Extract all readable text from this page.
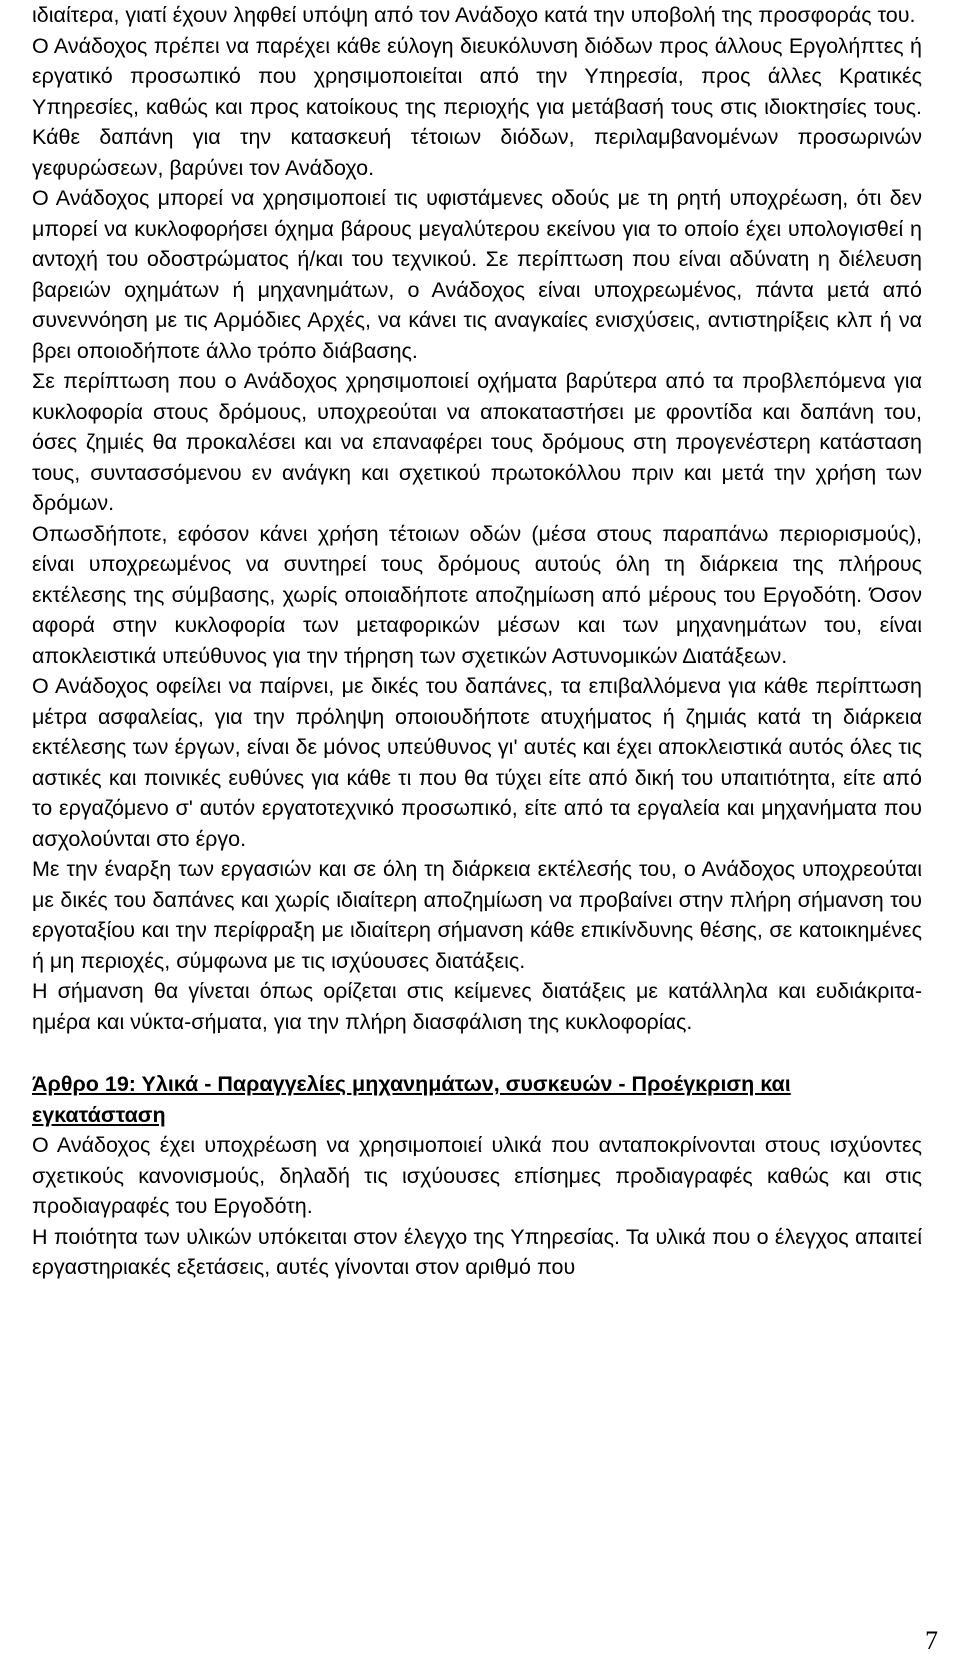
ιδιαίτερα, γιατί έχουν ληφθεί υπόψη από τον Ανάδοχο κατά την υποβολή της προσφοράς του.

Ο Ανάδοχος πρέπει να παρέχει κάθε εύλογη διευκόλυνση διόδων προς άλλους Εργολήπτες ή εργατικό προσωπικό που χρησιμοποιείται από την Υπηρεσία, προς άλλες Κρατικές Υπηρεσίες, καθώς και προς κατοίκους της περιοχής για μετάβασή τους στις ιδιοκτησίες τους. Κάθε δαπάνη για την κατασκευή τέτοιων διόδων, περιλαμβανομένων προσωρινών γεφυρώσεων, βαρύνει τον Ανάδοχο.

Ο Ανάδοχος μπορεί να χρησιμοποιεί τις υφιστάμενες οδούς με τη ρητή υποχρέωση, ότι δεν μπορεί να κυκλοφορήσει όχημα βάρους μεγαλύτερου εκείνου για το οποίο έχει υπολογισθεί η αντοχή του οδοστρώματος ή/και του τεχνικού. Σε περίπτωση που είναι αδύνατη η διέλευση βαρειών οχημάτων ή μηχανημάτων, ο Ανάδοχος είναι υποχρεωμένος, πάντα μετά από συνεννόηση με τις Αρμόδιες Αρχές, να κάνει τις αναγκαίες ενισχύσεις, αντιστηρίξεις κλπ ή να βρει οποιοδήποτε άλλο τρόπο διάβασης.

Σε περίπτωση που ο Ανάδοχος χρησιμοποιεί οχήματα βαρύτερα από τα προβλεπόμενα για κυκλοφορία στους δρόμους, υποχρεούται να αποκαταστήσει με φροντίδα και δαπάνη του, όσες ζημιές θα προκαλέσει και να επαναφέρει τους δρόμους στη προγενέστερη κατάσταση τους, συντασσόμενου εν ανάγκη και σχετικού πρωτοκόλλου πριν και μετά την χρήση των δρόμων.

Οπωσδήποτε, εφόσον κάνει χρήση τέτοιων οδών (μέσα στους παραπάνω περιορισμούς), είναι υποχρεωμένος να συντηρεί τους δρόμους αυτούς όλη τη διάρκεια της πλήρους εκτέλεσης της σύμβασης, χωρίς οποιαδήποτε αποζημίωση από μέρους του Εργοδότη. Όσον αφορά στην κυκλοφορία των μεταφορικών μέσων και των μηχανημάτων του, είναι αποκλειστικά υπεύθυνος για την τήρηση των σχετικών Αστυνομικών Διατάξεων.

Ο Ανάδοχος οφείλει να παίρνει, με δικές του δαπάνες, τα επιβαλλόμενα για κάθε περίπτωση μέτρα ασφαλείας, για την πρόληψη οποιουδήποτε ατυχήματος ή ζημιάς κατά τη διάρκεια εκτέλεσης των έργων, είναι δε μόνος υπεύθυνος γι' αυτές και έχει αποκλειστικά αυτός όλες τις αστικές και ποινικές ευθύνες για κάθε τι που θα τύχει είτε από δική του υπαιτιότητα, είτε από το εργαζόμενο σ' αυτόν εργατοτεχνικό προσωπικό, είτε από τα εργαλεία και μηχανήματα που ασχολούνται στο έργο.

Με την έναρξη των εργασιών και σε όλη τη διάρκεια εκτέλεσής του, ο Ανάδοχος υποχρεούται με δικές του δαπάνες και χωρίς ιδιαίτερη αποζημίωση να προβαίνει στην πλήρη σήμανση του εργοταξίου και την περίφραξη με ιδιαίτερη σήμανση κάθε επικίνδυνης θέσης, σε κατοικημένες ή μη περιοχές, σύμφωνα με τις ισχύουσες διατάξεις.

Η σήμανση θα γίνεται όπως ορίζεται στις κείμενες διατάξεις με κατάλληλα και ευδιάκριτα-ημέρα και νύκτα-σήματα, για την πλήρη διασφάλιση της κυκλοφορίας.

Άρθρο 19: Υλικά - Παραγγελίες μηχανημάτων, συσκευών - Προέγκριση και εγκατάσταση

Ο Ανάδοχος έχει υποχρέωση να χρησιμοποιεί υλικά που ανταποκρίνονται στους ισχύοντες σχετικούς κανονισμούς, δηλαδή τις ισχύουσες επίσημες προδιαγραφές καθώς και στις προδιαγραφές του Εργοδότη.

Η ποιότητα των υλικών υπόκειται στον έλεγχο της Υπηρεσίας. Τα υλικά που ο έλεγχος απαιτεί εργαστηριακές εξετάσεις, αυτές γίνονται στον αριθμό που

7
